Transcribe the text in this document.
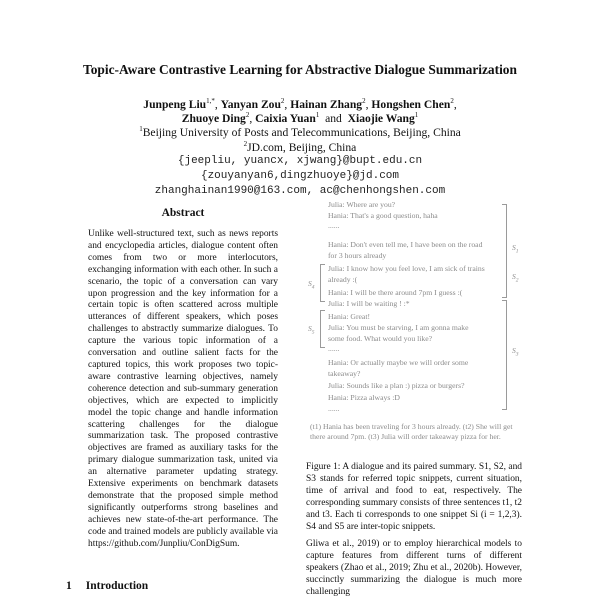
Topic-Aware Contrastive Learning for Abstractive Dialogue Summarization
Junpeng Liu$^{1,*}$, Yanyan Zou$^2$, Hainan Zhang$^2$, Hongshen Chen$^2$,
Zhuoye Ding$^2$, Caixia Yuan$^1$ and Xiaojie Wang$^1$
$^1$Beijing University of Posts and Telecommunications, Beijing, China
$^2$JD.com, Beijing, China
{jeepliu, yuancx, xjwang}@bupt.edu.cn
{zouyanyan6,dingzhuoye}@jd.com
zhanghainan1990@163.com, ac@chenhongshen.com
Abstract
Unlike well-structured text, such as news reports and encyclopedia articles, dialogue content often comes from two or more interlocutors, exchanging information with each other. In such a scenario, the topic of a conversation can vary upon progression and the key information for a certain topic is often scattered across multiple utterances of different speakers, which poses challenges to abstractly summarize dialogues. To capture the various topic information of a conversation and outline salient facts for the captured topics, this work proposes two topic-aware contrastive learning objectives, namely coherence detection and sub-summary generation objectives, which are expected to implicitly model the topic change and handle information scattering challenges for the dialogue summarization task. The proposed contrastive objectives are framed as auxiliary tasks for the primary dialogue summarization task, united via an alternative parameter updating strategy. Extensive experiments on benchmark datasets demonstrate that the proposed simple method significantly outperforms strong baselines and achieves new state-of-the-art performance. The code and trained models are publicly available via https://github.com/Junpliu/ConDigSum.
1 Introduction
Julia: Where are you?
Hania: That's a good question, haha
......
Hania: Don't even tell me, I have been on the road
for 3 hours already
Julia: I know how you feel love, I am sick of trains
already :(
Hania: I will be there around 7pm I guess :(
Julia: I will be waiting ! :*
Hania: Great!
Julia: You must be starving, I am gonna make
some food. What would you like?
......
Hania: Or actually maybe we will order some
takeaway?
Julia: Sounds like a plan :) pizza or burgers?
Hania: Pizza always :D
......
$S_1$
$S_2$
$S_3$
$S_4$
$S_5$
(t1) Hania has been traveling for 3 hours already. (t2) She will get there around 7pm. (t3) Julia will order takeaway pizza for her.
Figure 1: A dialogue and its paired summary. S1, S2, and S3 stands for referred topic snippets, current situation, time of arrival and food to eat, respectively. The corresponding summary consists of three sentences t1, t2 and t3. Each ti corresponds to one snippet Si (i = 1,2,3). S4 and S5 are inter-topic snippets.
Gliwa et al., 2019) or to employ hierarchical models to capture features from different turns of different speakers (Zhao et al., 2019; Zhu et al., 2020b). However, succinctly summarizing the dialogue is much more challenging
